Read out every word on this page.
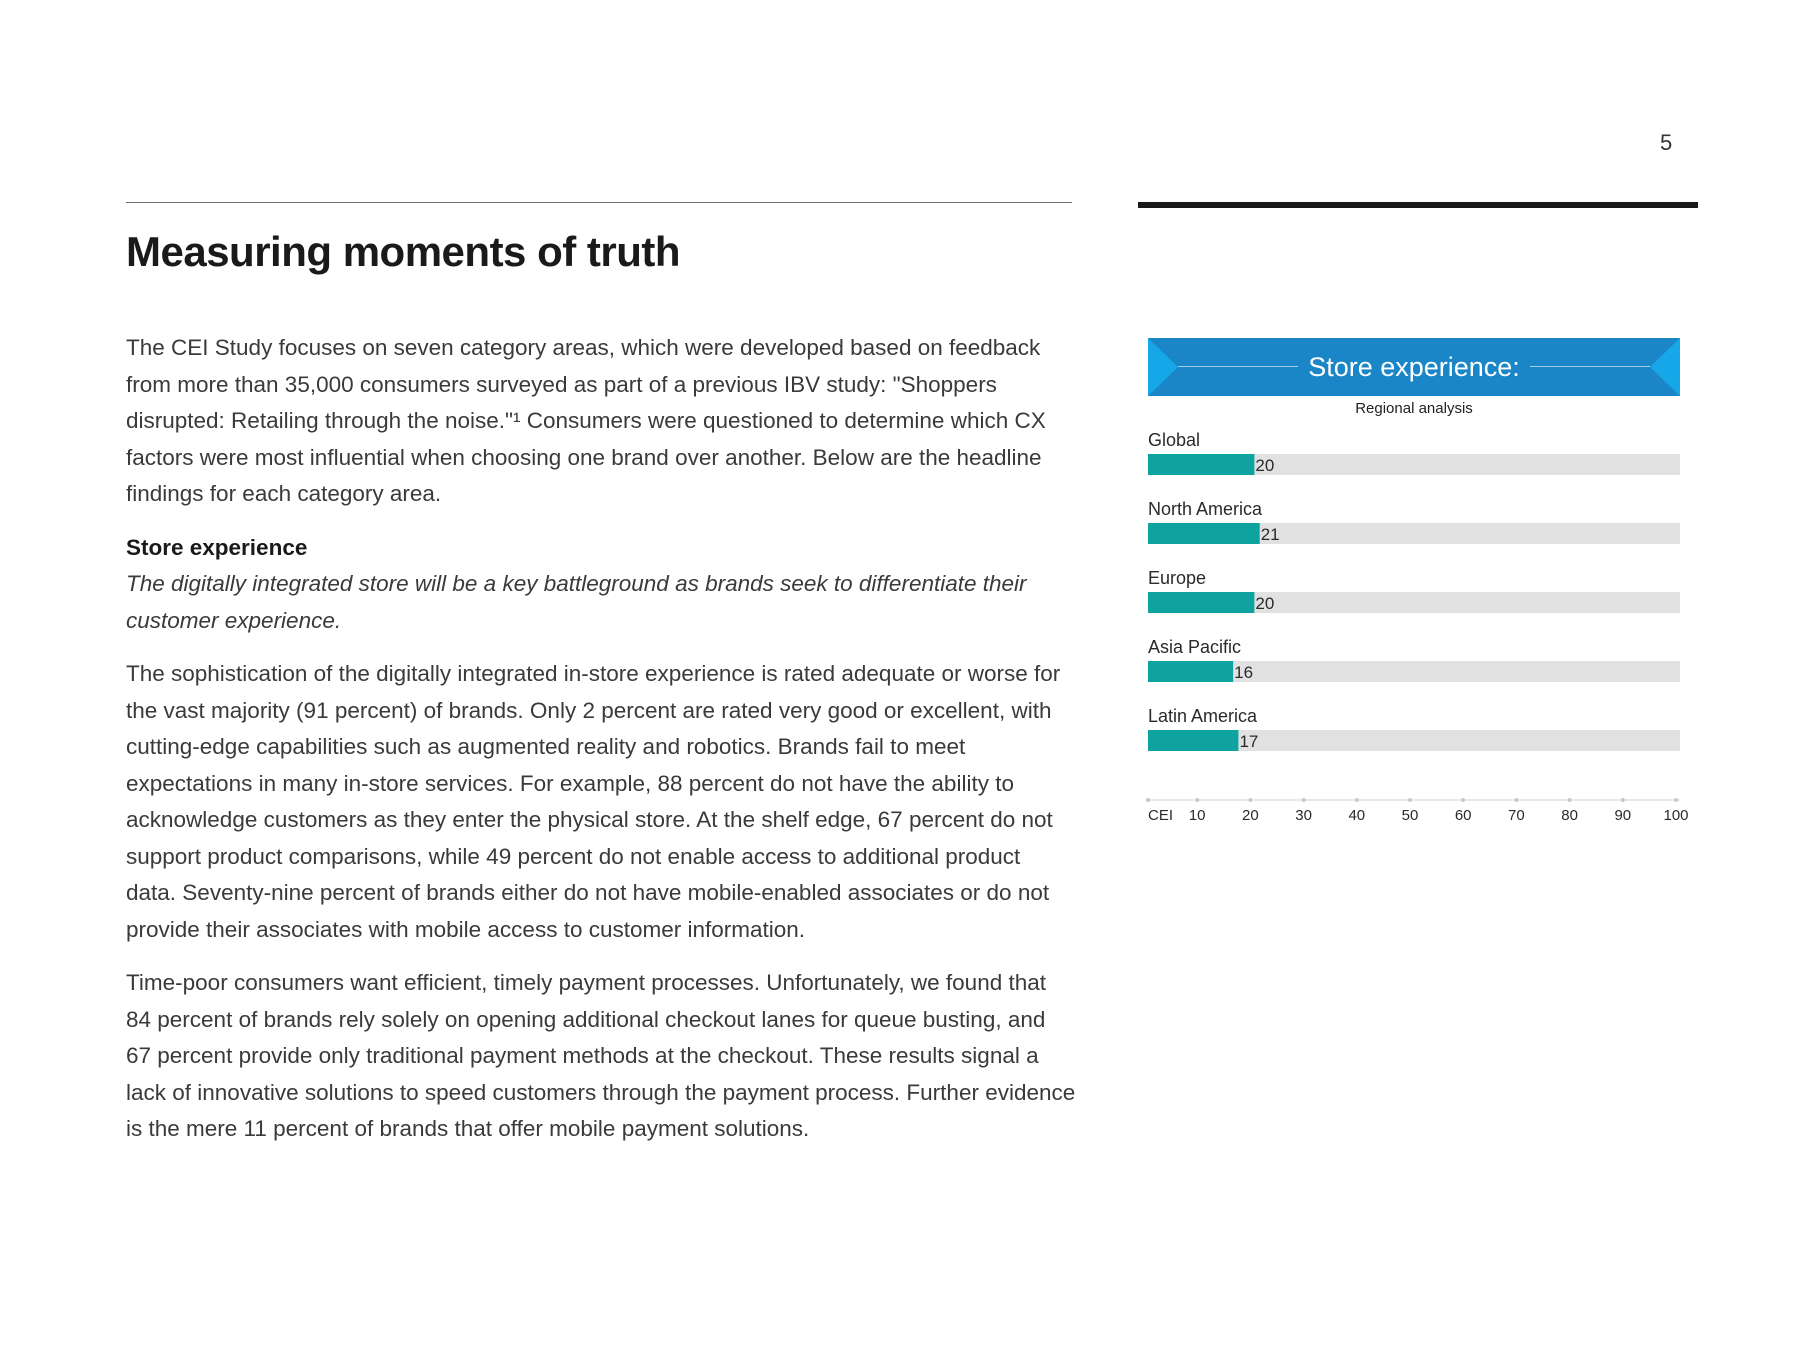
5
Measuring moments of truth

The CEI Study focuses on seven category areas, which were developed based on feedback from more than 35,000 consumers surveyed as part of a previous IBV study: "Shoppers disrupted: Retailing through the noise."¹ Consumers were questioned to determine which CX factors were most influential when choosing one brand over another. Below are the headline findings for each category area.

Store experience

The digitally integrated store will be a key battleground as brands seek to differentiate their customer experience.

The sophistication of the digitally integrated in-store experience is rated adequate or worse for the vast majority (91 percent) of brands. Only 2 percent are rated very good or excellent, with cutting-edge capabilities such as augmented reality and robotics. Brands fail to meet expectations in many in-store services. For example, 88 percent do not have the ability to acknowledge customers as they enter the physical store. At the shelf edge, 67 percent do not support product comparisons, while 49 percent do not enable access to additional product data. Seventy-nine percent of brands either do not have mobile-enabled associates or do not provide their associates with mobile access to customer information.

Time-poor consumers want efficient, timely payment processes. Unfortunately, we found that 84 percent of brands rely solely on opening additional checkout lanes for queue busting, and 67 percent provide only traditional payment methods at the checkout. These results signal a lack of innovative solutions to speed customers through the payment process. Further evidence is the mere 11 percent of brands that offer mobile payment solutions.

Store experience:
Regional analysis
Global
20
North America
21
Europe
20
Asia Pacific
16
Latin America
17
CEI 10 20 30 40 50 60 70 80 90 100
